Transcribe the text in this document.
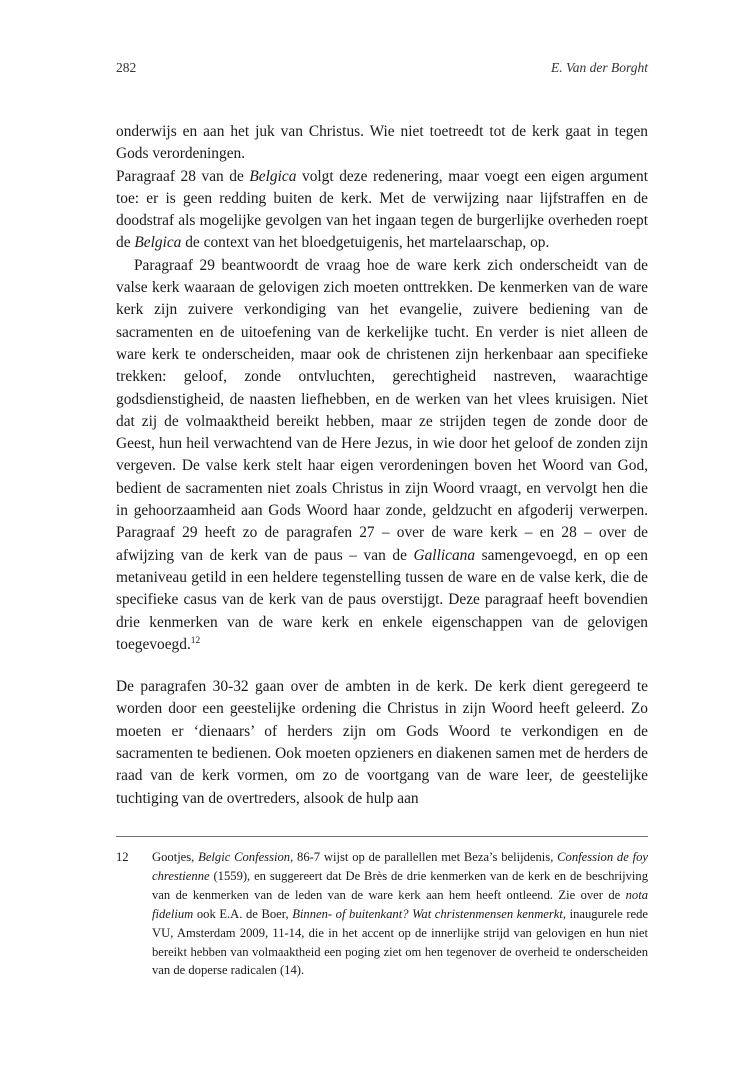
282	E. Van der Borght

onderwijs en aan het juk van Christus. Wie niet toetreedt tot de kerk gaat in tegen Gods verordeningen.

Paragraaf 28 van de Belgica volgt deze redenering, maar voegt een eigen argument toe: er is geen redding buiten de kerk. Met de verwijzing naar lijfstraffen en de doodstraf als mogelijke gevolgen van het ingaan tegen de burgerlijke overheden roept de Belgica de context van het bloedgetuigenis, het martelaarschap, op.

Paragraaf 29 beantwoordt de vraag hoe de ware kerk zich onderscheidt van de valse kerk waaraan de gelovigen zich moeten onttrekken. De kenmerken van de ware kerk zijn zuivere verkondiging van het evangelie, zuivere bediening van de sacramenten en de uitoefening van de kerkelijke tucht. En verder is niet alleen de ware kerk te onderscheiden, maar ook de christenen zijn herkenbaar aan specifieke trekken: geloof, zonde ontvluchten, gerechtigheid nastreven, waarachtige godsdienstigheid, de naasten liefhebben, en de werken van het vlees kruisigen. Niet dat zij de volmaaktheid bereikt hebben, maar ze strijden tegen de zonde door de Geest, hun heil verwachtend van de Here Jezus, in wie door het geloof de zonden zijn vergeven. De valse kerk stelt haar eigen verordeningen boven het Woord van God, bedient de sacramenten niet zoals Christus in zijn Woord vraagt, en vervolgt hen die in gehoorzaamheid aan Gods Woord haar zonde, geldzucht en afgoderij verwerpen. Paragraaf 29 heeft zo de paragrafen 27 – over de ware kerk – en 28 – over de afwijzing van de kerk van de paus – van de Gallicana samengevoegd, en op een metaniveau getild in een heldere tegenstelling tussen de ware en de valse kerk, die de specifieke casus van de kerk van de paus overstijgt. Deze paragraaf heeft bovendien drie kenmerken van de ware kerk en enkele eigenschappen van de gelovigen toegevoegd.$^{12}$

De paragrafen 30-32 gaan over de ambten in de kerk. De kerk dient geregeerd te worden door een geestelijke ordening die Christus in zijn Woord heeft geleerd. Zo moeten er ‘dienaars’ of herders zijn om Gods Woord te verkondigen en de sacramenten te bedienen. Ook moeten opzieners en diakenen samen met de herders de raad van de kerk vormen, om zo de voortgang van de ware leer, de geestelijke tuchtiging van de overtreders, alsook de hulp aan

12 Gootjes, Belgic Confession, 86-7 wijst op de parallellen met Beza’s belijdenis, Confession de foy chrestienne (1559), en suggereert dat De Brès de drie kenmerken van de kerk en de beschrijving van de kenmerken van de leden van de ware kerk aan hem heeft ontleend. Zie over de nota fidelium ook E.A. de Boer, Binnen- of buitenkant? Wat christenmensen kenmerkt, inaugurele rede VU, Amsterdam 2009, 11-14, die in het accent op de innerlijke strijd van gelovigen en hun niet bereikt hebben van volmaaktheid een poging ziet om hen tegenover de overheid te onderscheiden van de doperse radicalen (14).
